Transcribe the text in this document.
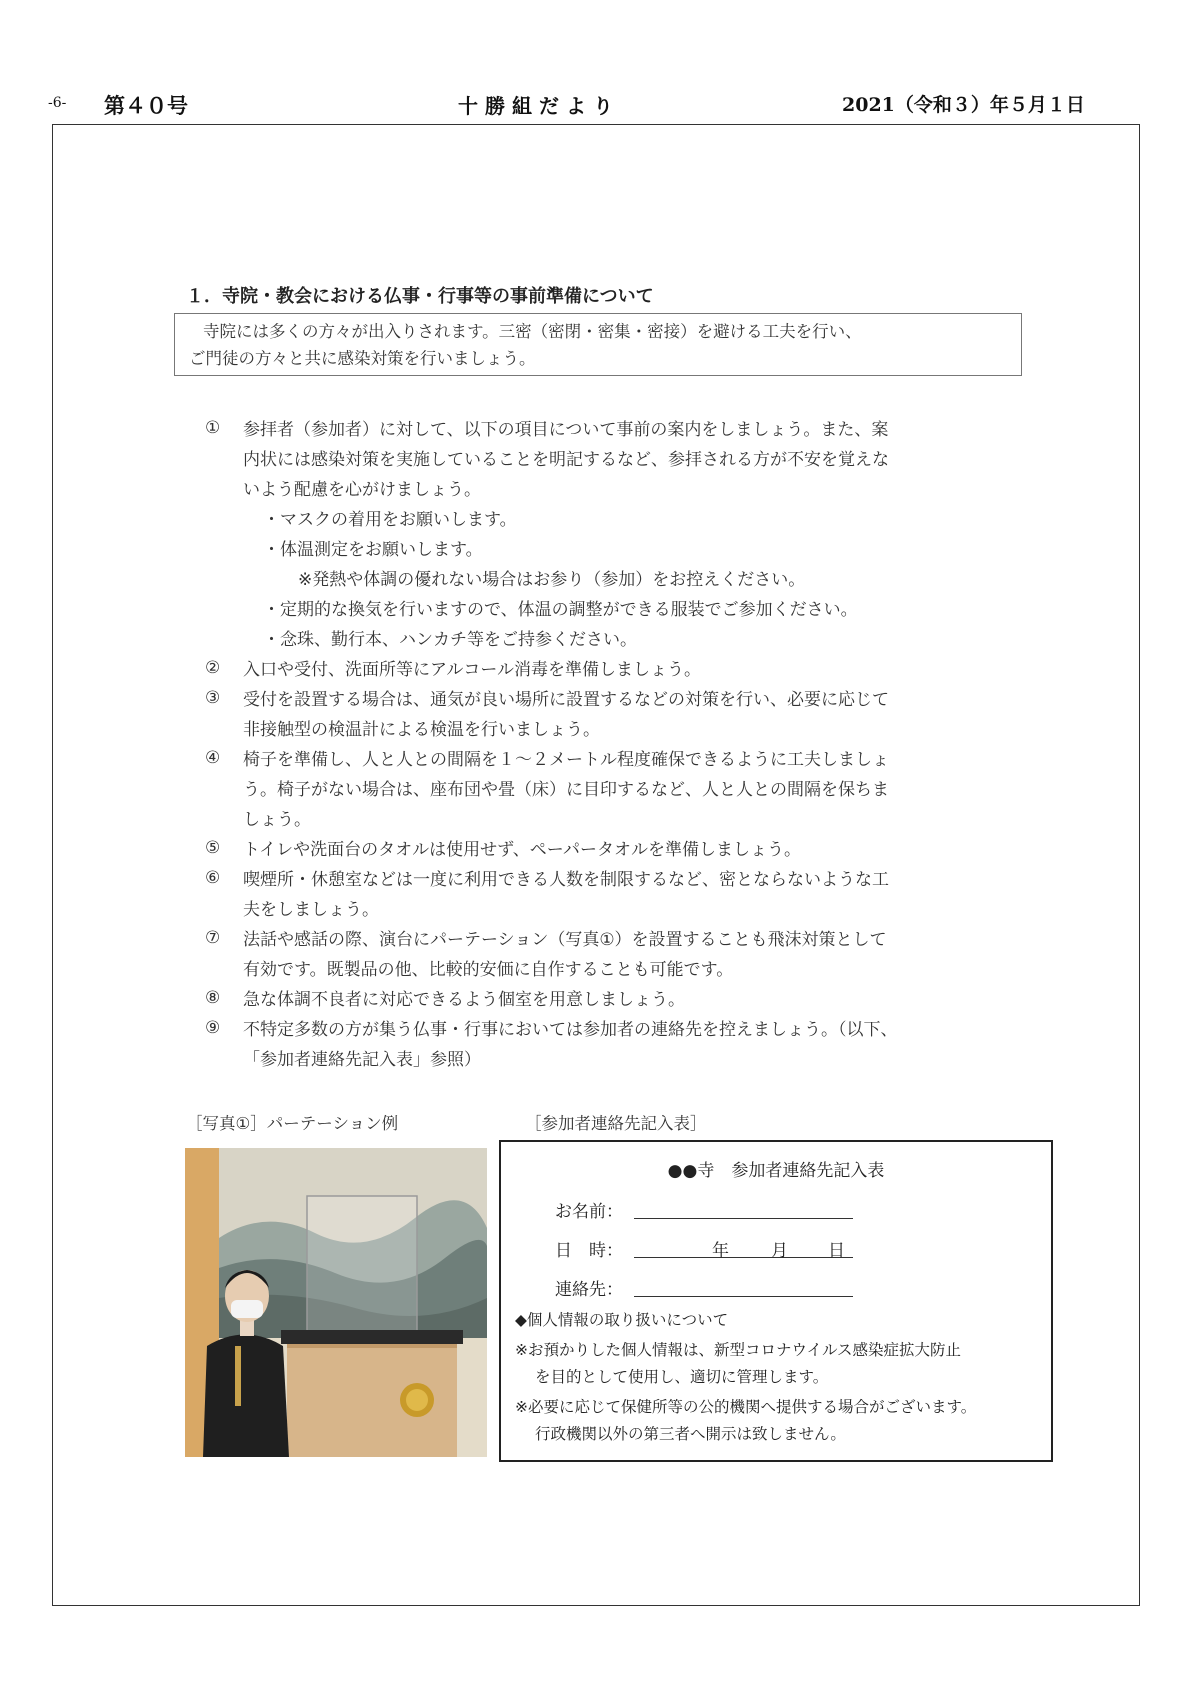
-6- 第４０号	十勝組だより	2021（令和３）年５月１日
１．寺院・教会における仏事・行事等の事前準備について
寺院には多くの方々が出入りされます。三密（密閉・密集・密接）を避ける工夫を行い、
ご門徒の方々と共に感染対策を行いましょう。
① 参拝者（参加者）に対して、以下の項目について事前の案内をしましょう。また、案
内状には感染対策を実施していることを明記するなど、参拝される方が不安を覚えな
いよう配慮を心がけましょう。
・マスクの着用をお願いします。
・体温測定をお願いします。
※発熱や体調の優れない場合はお参り（参加）をお控えください。
・定期的な換気を行いますので、体温の調整ができる服装でご参加ください。
・念珠、勤行本、ハンカチ等をご持参ください。
② 入口や受付、洗面所等にアルコール消毒を準備しましょう。
③ 受付を設置する場合は、通気が良い場所に設置するなどの対策を行い、必要に応じて
非接触型の検温計による検温を行いましょう。
④ 椅子を準備し、人と人との間隔を１～２メートル程度確保できるように工夫しましょ
う。椅子がない場合は、座布団や畳（床）に目印するなど、人と人との間隔を保ちま
しょう。
⑤ トイレや洗面台のタオルは使用せず、ペーパータオルを準備しましょう。
⑥ 喫煙所・休憩室などは一度に利用できる人数を制限するなど、密とならないような工
夫をしましょう。
⑦ 法話や感話の際、演台にパーテーション（写真①）を設置することも飛沫対策として
有効です。既製品の他、比較的安価に自作することも可能です。
⑧ 急な体調不良者に対応できるよう個室を用意しましょう。
⑨ 不特定多数の方が集う仏事・行事においては参加者の連絡先を控えましょう。（以下、
「参加者連絡先記入表」参照）
［写真①］パーテーション例	［参加者連絡先記入表］
●●寺　参加者連絡先記入表
お名前：
日　時：	年 月 日
連絡先：
◆個人情報の取り扱いについて
※お預かりした個人情報は、新型コロナウイルス感染症拡大防止
を目的として使用し、適切に管理します。
※必要に応じて保健所等の公的機関へ提供する場合がございます。
行政機関以外の第三者へ開示は致しません。
